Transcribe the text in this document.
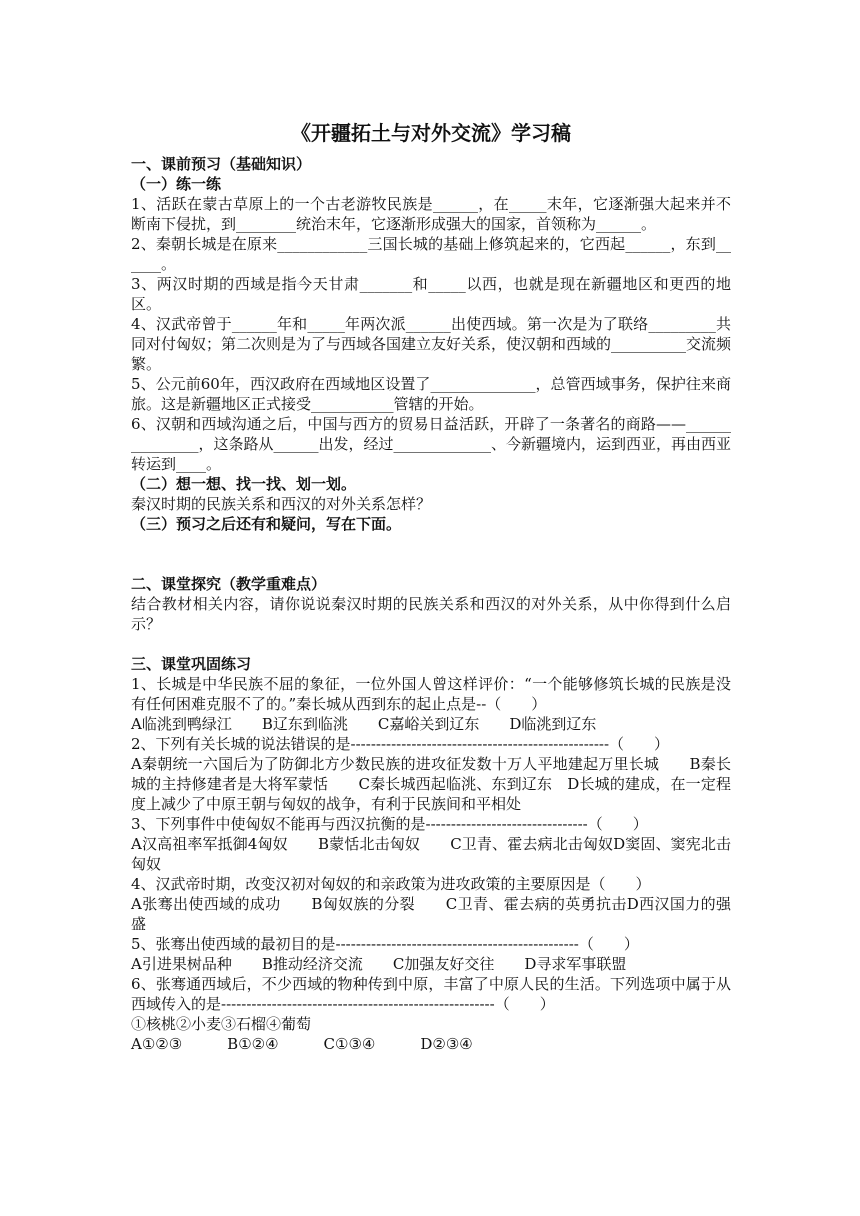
《开疆拓土与对外交流》学习稿
一、课前预习（基础知识）
（一）练一练

1、活跃在蒙古草原上的一个古老游牧民族是______，在_____末年，它逐渐强大起来并不断南下侵扰，到________统治末年，它逐渐形成强大的国家，首领称为______。

2、秦朝长城是在原来____________三国长城的基础上修筑起来的，它西起______，东到______。

3、两汉时期的西域是指今天甘肃_______和_____以西，也就是现在新疆地区和更西的地区。

4、汉武帝曾于______年和_____年两次派______出使西域。第一次是为了联络_________共同对付匈奴；第二次则是为了与西域各国建立友好关系，使汉朝和西域的__________交流频繁。

5、公元前60年，西汉政府在西域地区设置了______________，总管西域事务，保护往来商旅。这是新疆地区正式接受___________管辖的开始。

6、汉朝和西域沟通之后，中国与西方的贸易日益活跃，开辟了一条著名的商路——_______________，这条路从______出发，经过_____________、今新疆境内，运到西亚，再由西亚转运到____。

（二）想一想、找一找、划一划。

秦汉时期的民族关系和西汉的对外关系怎样？

（三）预习之后还有和疑问，写在下面。
二、课堂探究（教学重难点）

结合教材相关内容，请你说说秦汉时期的民族关系和西汉的对外关系，从中你得到什么启示？

三、课堂巩固练习

1、长城是中华民族不屈的象征，一位外国人曾这样评价：“一个能够修筑长城的民族是没有任何困难克服不了的。”秦长城从西到东的起止点是--（　　）

A临洮到鸭绿江　　B辽东到临洮　　C嘉峪关到辽东　　D临洮到辽东

2、下列有关长城的说法错误的是---------------------------------------------------（　　）

A秦朝统一六国后为了防御北方少数民族的进攻征发数十万人平地建起万里长城　　B秦长城的主持修建者是大将军蒙恬　　C秦长城西起临洮、东到辽东　D长城的建成，在一定程度上减少了中原王朝与匈奴的战争，有利于民族间和平相处

3、下列事件中使匈奴不能再与西汉抗衡的是--------------------------------（　　）

A汉高祖率军抵御4匈奴　　B蒙恬北击匈奴　　C卫青、霍去病北击匈奴D窦固、窦宪北击匈奴

4、汉武帝时期，改变汉初对匈奴的和亲政策为进攻政策的主要原因是（　　）

A张骞出使西域的成功　　B匈奴族的分裂　　C卫青、霍去病的英勇抗击D西汉国力的强盛

5、张骞出使西域的最初目的是------------------------------------------------（　　）

A引进果树品种　　B推动经济交流　　C加强友好交往　　D寻求军事联盟

6、张骞通西域后，不少西域的物种传到中原，丰富了中原人民的生活。下列选项中属于从西域传入的是------------------------------------------------------（　　）

①核桃②小麦③石榴④葡萄

A①②③　　　B①②④　　　C①③④　　　D②③④
